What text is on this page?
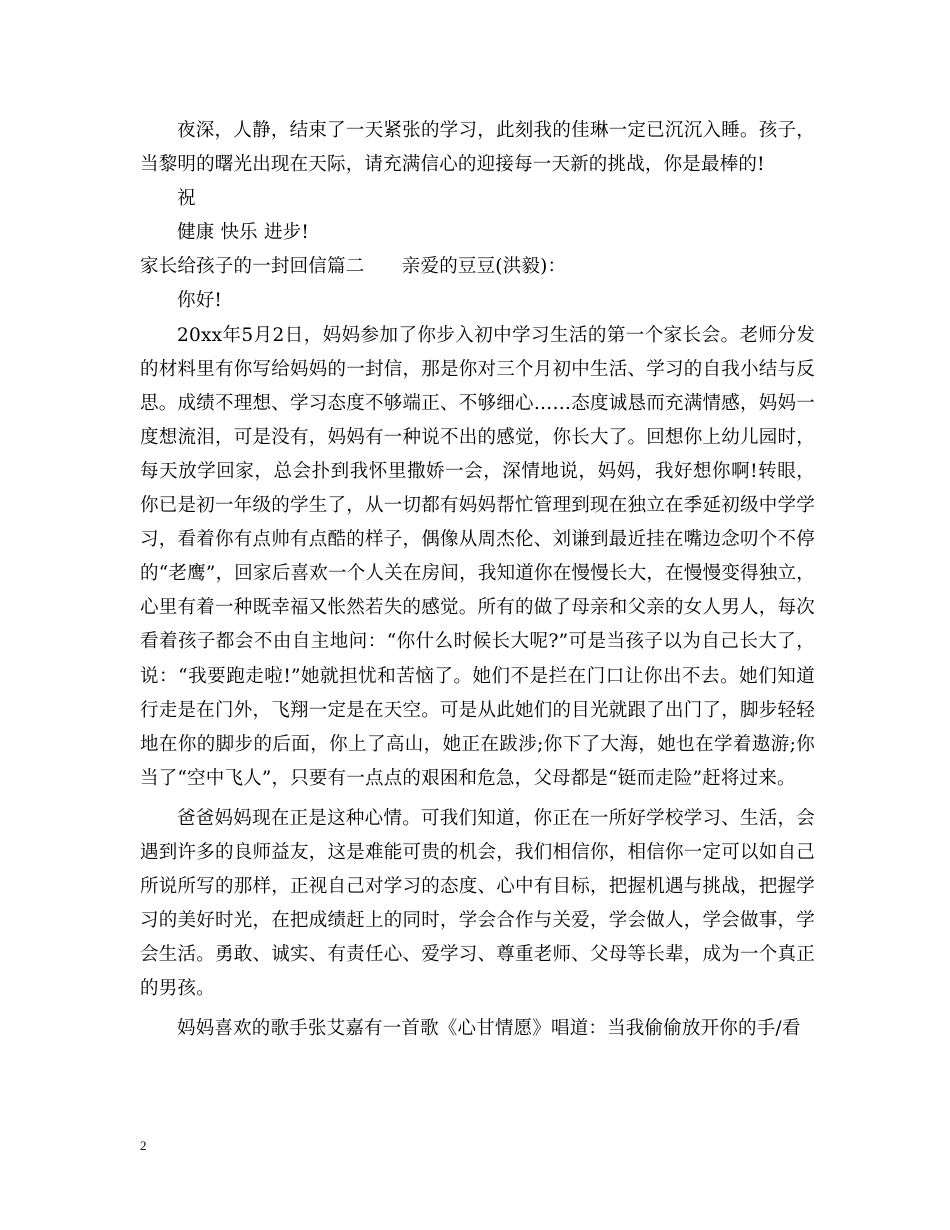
夜深，人静，结束了一天紧张的学习，此刻我的佳琳一定已沉沉入睡。孩子，当黎明的曙光出现在天际，请充满信心的迎接每一天新的挑战，你是最棒的!

祝

健康 快乐 进步!

家长给孩子的一封回信篇二　　亲爱的豆豆(洪毅)：

你好!

20xx年5月2日，妈妈参加了你步入初中学习生活的第一个家长会。老师分发的材料里有你写给妈妈的一封信，那是你对三个月初中生活、学习的自我小结与反思。成绩不理想、学习态度不够端正、不够细心……态度诚恳而充满情感，妈妈一度想流泪，可是没有，妈妈有一种说不出的感觉，你长大了。回想你上幼儿园时，每天放学回家，总会扑到我怀里撒娇一会，深情地说，妈妈，我好想你啊!转眼，你已是初一年级的学生了，从一切都有妈妈帮忙管理到现在独立在季延初级中学学习，看着你有点帅有点酷的样子，偶像从周杰伦、刘谦到最近挂在嘴边念叨个不停的“老鹰”，回家后喜欢一个人关在房间，我知道你在慢慢长大，在慢慢变得独立，心里有着一种既幸福又怅然若失的感觉。所有的做了母亲和父亲的女人男人，每次看着孩子都会不由自主地问：“你什么时候长大呢?”可是当孩子以为自己长大了，说：“我要跑走啦!”她就担忧和苦恼了。她们不是拦在门口让你出不去。她们知道行走是在门外，飞翔一定是在天空。可是从此她们的目光就跟了出门了，脚步轻轻地在你的脚步的后面，你上了高山，她正在跋涉;你下了大海，她也在学着遨游;你当了“空中飞人”，只要有一点点的艰困和危急，父母都是“铤而走险”赶将过来。

爸爸妈妈现在正是这种心情。可我们知道，你正在一所好学校学习、生活，会遇到许多的良师益友，这是难能可贵的机会，我们相信你，相信你一定可以如自己所说所写的那样，正视自己对学习的态度、心中有目标，把握机遇与挑战，把握学习的美好时光，在把成绩赶上的同时，学会合作与关爱，学会做人，学会做事，学会生活。勇敢、诚实、有责任心、爱学习、尊重老师、父母等长辈，成为一个真正的男孩。

妈妈喜欢的歌手张艾嘉有一首歌《心甘情愿》唱道：当我偷偷放开你的手/看

2
